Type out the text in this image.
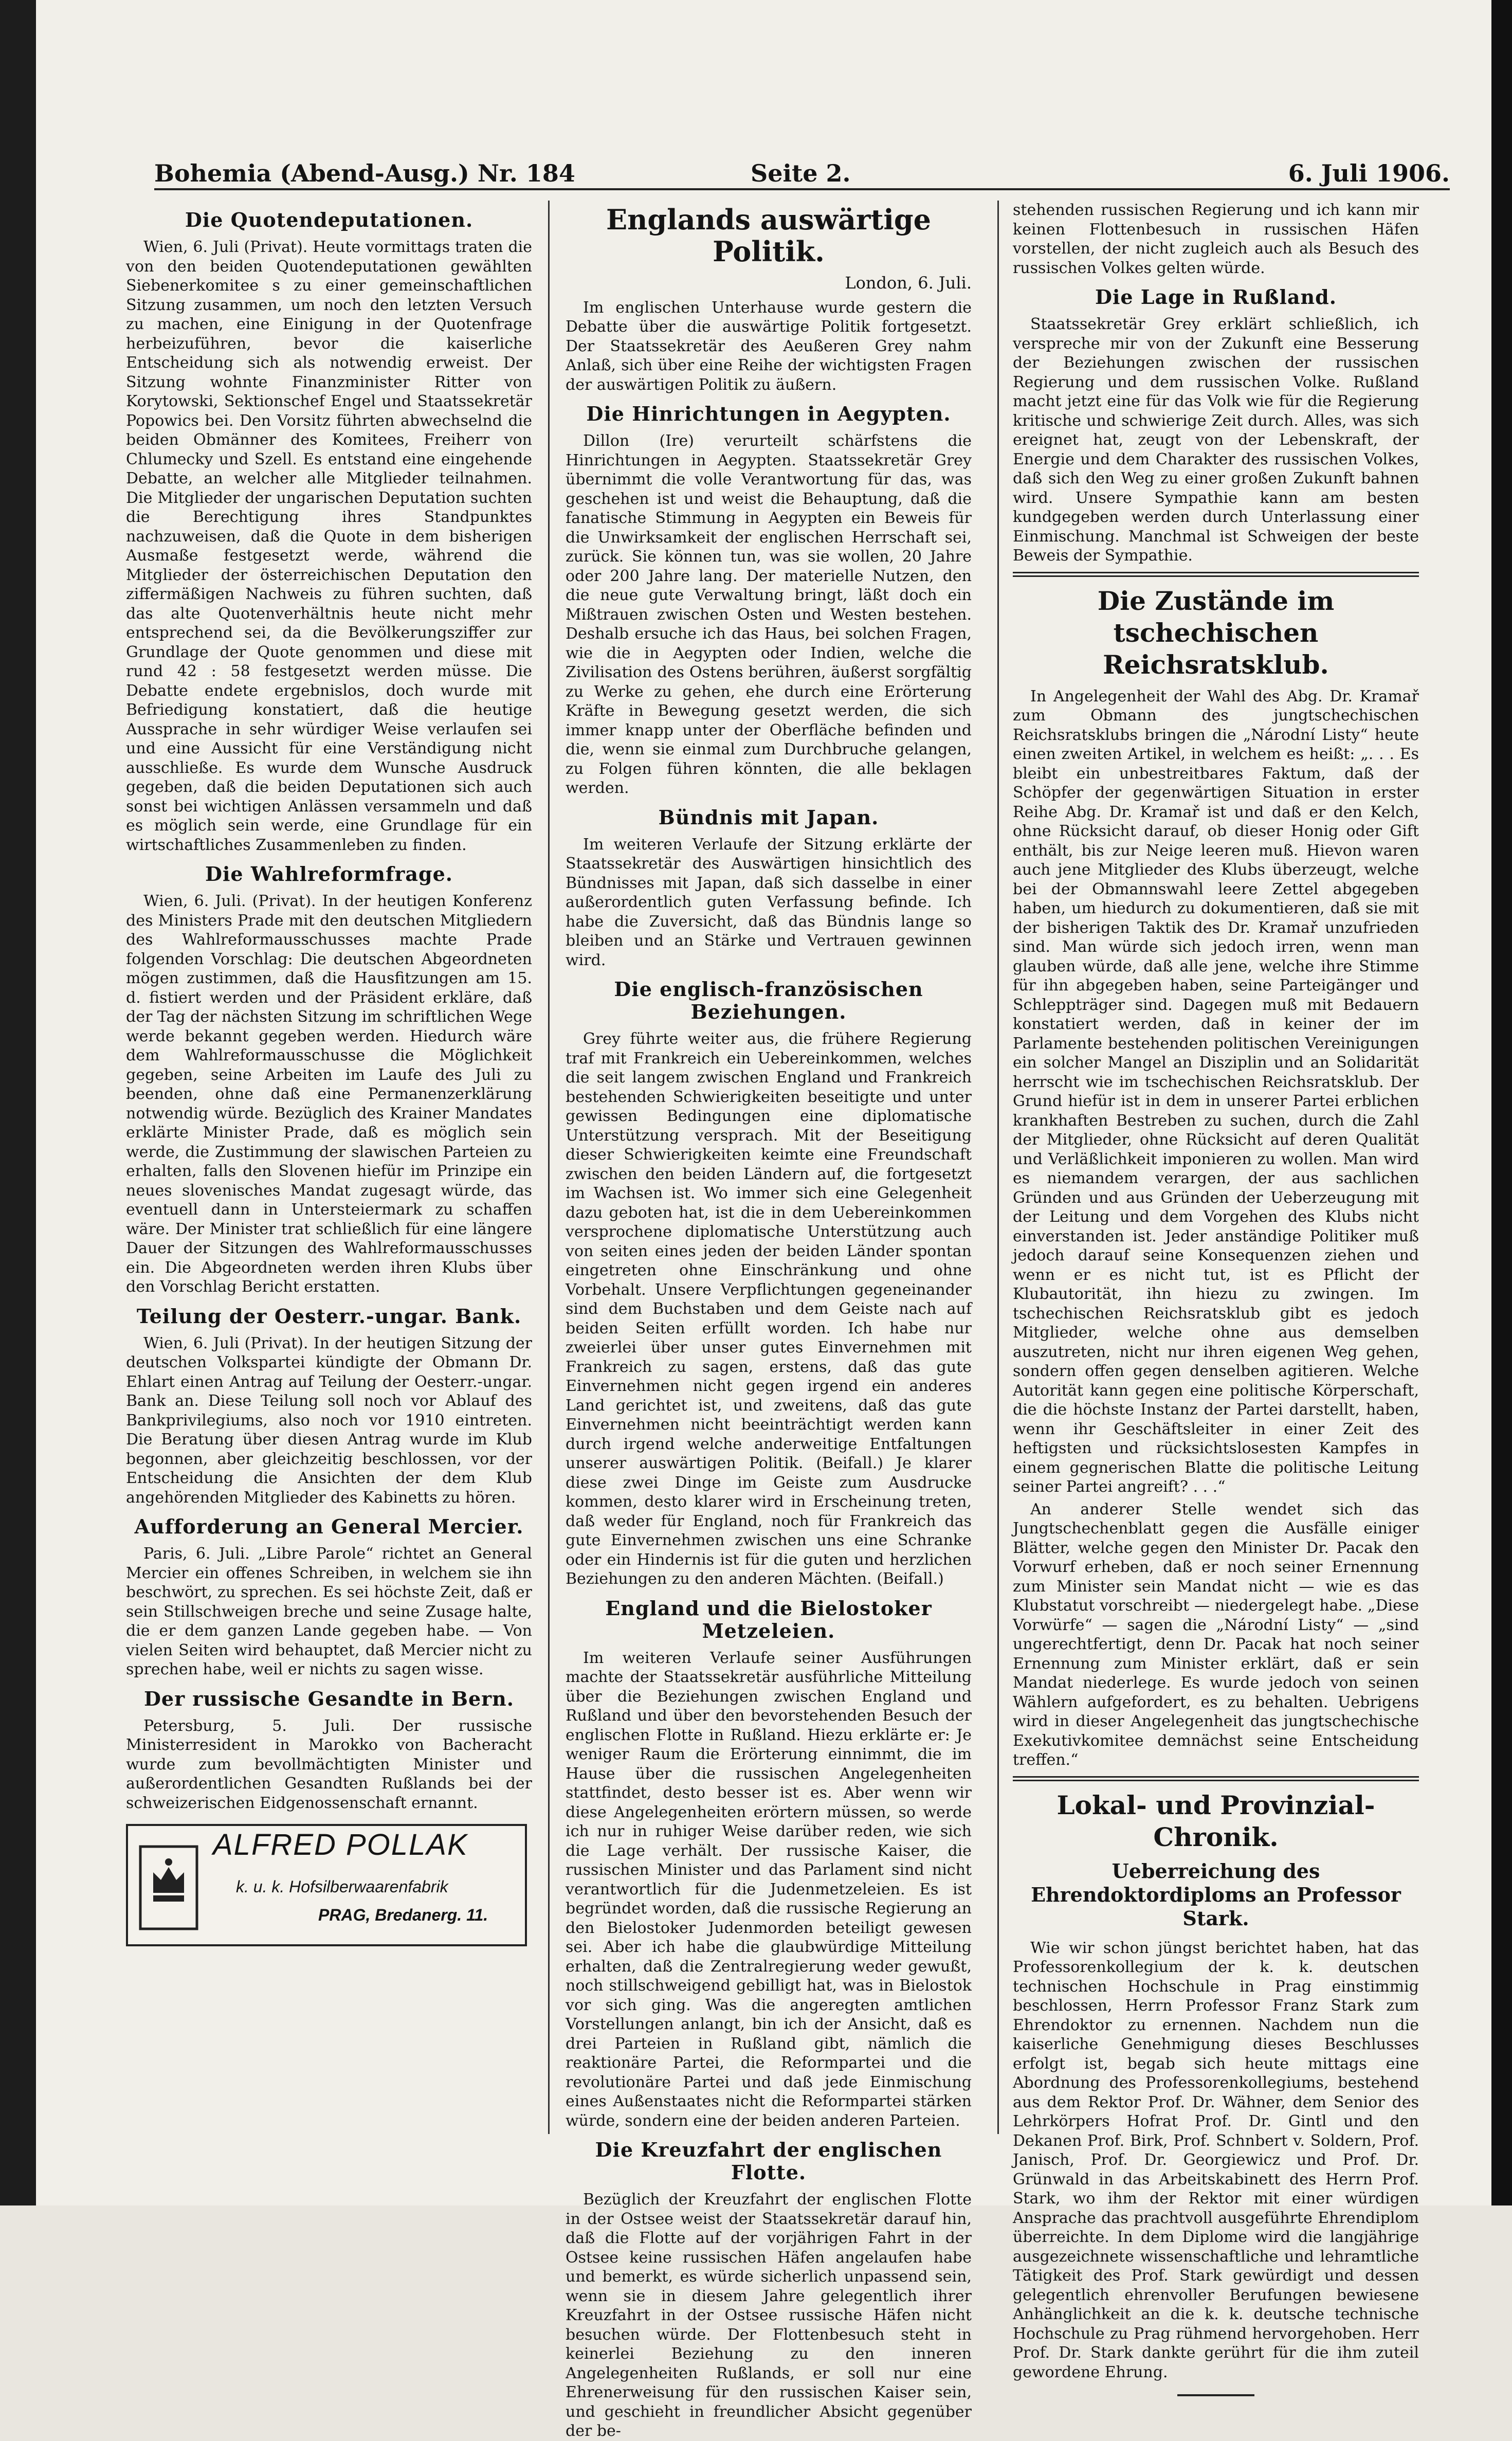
Bohemia (Abend-Ausg.) Nr. 184	Seite 2.	6. Juli 1906.
Die Quotendeputationen.

Wien, 6. Juli (Privat). Heute vormittags traten die von den beiden Quotendeputationen gewählten Siebenerkomitee s zu einer gemeinschaftlichen Sitzung zusammen, um noch den letzten Versuch zu machen, eine Einigung in der Quotenfrage herbeizuführen, bevor die kaiserliche Entscheidung sich als notwendig erweist. Der Sitzung wohnte Finanzminister Ritter von Korytowski, Sektionschef Engel und Staatssekretär Popowics bei. Den Vorsitz führten abwechselnd die beiden Obmänner des Komitees, Freiherr von Chlumecky und Szell. Es entstand eine eingehende Debatte, an welcher alle Mitglieder teilnahmen. Die Mitglieder der ungarischen Deputation suchten die Berechtigung ihres Standpunktes nachzuweisen, daß die Quote in dem bisherigen Ausmaße festgesetzt werde, während die Mitglieder der österreichischen Deputation den ziffermäßigen Nachweis zu führen suchten, daß das alte Quotenverhältnis heute nicht mehr entsprechend sei, da die Bevölkerungsziffer zur Grundlage der Quote genommen und diese mit rund 42 : 58 festgesetzt werden müsse. Die Debatte endete ergebnislos, doch wurde mit Befriedigung konstatiert, daß die heutige Aussprache in sehr würdiger Weise verlaufen sei und eine Aussicht für eine Verständigung nicht ausschließe. Es wurde dem Wunsche Ausdruck gegeben, daß die beiden Deputationen sich auch sonst bei wichtigen Anlässen versammeln und daß es möglich sein werde, eine Grundlage für ein wirtschaftliches Zusammenleben zu finden.

Die Wahlreformfrage.

Wien, 6. Juli. (Privat). In der heutigen Konferenz des Ministers Prade mit den deutschen Mitgliedern des Wahlreformausschusses machte Prade folgenden Vorschlag: Die deutschen Abgeordneten mögen zustimmen, daß die Hausfitzungen am 15. d. fistiert werden und der Präsident erkläre, daß der Tag der nächsten Sitzung im schriftlichen Wege werde bekannt gegeben werden. Hiedurch wäre dem Wahlreformausschusse die Möglichkeit gegeben, seine Arbeiten im Laufe des Juli zu beenden, ohne daß eine Permanenzerklärung notwendig würde. Bezüglich des Krainer Mandates erklärte Minister Prade, daß es möglich sein werde, die Zustimmung der slawischen Parteien zu erhalten, falls den Slovenen hiefür im Prinzipe ein neues slovenisches Mandat zugesagt würde, das eventuell dann in Untersteiermark zu schaffen wäre. Der Minister trat schließlich für eine längere Dauer der Sitzungen des Wahlreformausschusses ein. Die Abgeordneten werden ihren Klubs über den Vorschlag Bericht erstatten.

Teilung der Oesterr.-ungar. Bank.

Wien, 6. Juli (Privat). In der heutigen Sitzung der deutschen Volkspartei kündigte der Obmann Dr. Ehlart einen Antrag auf Teilung der Oesterr.-ungar. Bank an. Diese Teilung soll noch vor Ablauf des Bankprivilegiums, also noch vor 1910 eintreten. Die Beratung über diesen Antrag wurde im Klub begonnen, aber gleichzeitig beschlossen, vor der Entscheidung die Ansichten der dem Klub angehörenden Mitglieder des Kabinetts zu hören.

Aufforderung an General Mercier.

Paris, 6. Juli. „Libre Parole“ richtet an General Mercier ein offenes Schreiben, in welchem sie ihn beschwört, zu sprechen. Es sei höchste Zeit, daß er sein Stillschweigen breche und seine Zusage halte, die er dem ganzen Lande gegeben habe. — Von vielen Seiten wird behauptet, daß Mercier nicht zu sprechen habe, weil er nichts zu sagen wisse.

Der russische Gesandte in Bern.

Petersburg, 5. Juli. Der russische Ministerresident in Marokko von Bacheracht wurde zum bevollmächtigten Minister und außerordentlichen Gesandten Rußlands bei der schweizerischen Eidgenossenschaft ernannt.

ALFRED POLLAK
k. u. k. Hofsilberwaarenfabrik
PRAG, Bredanerg. 11.
Englands auswärtige Politik.
London, 6. Juli.

Im englischen Unterhause wurde gestern die Debatte über die auswärtige Politik fortgesetzt. Der Staatssekretär des Aeußeren Grey nahm Anlaß, sich über eine Reihe der wichtigsten Fragen der auswärtigen Politik zu äußern.

Die Hinrichtungen in Aegypten.

Dillon (Ire) verurteilt schärfstens die Hinrichtungen in Aegypten. Staatssekretär Grey übernimmt die volle Verantwortung für das, was geschehen ist und weist die Behauptung, daß die fanatische Stimmung in Aegypten ein Beweis für die Unwirksamkeit der englischen Herrschaft sei, zurück. Sie können tun, was sie wollen, 20 Jahre oder 200 Jahre lang. Der materielle Nutzen, den die neue gute Verwaltung bringt, läßt doch ein Mißtrauen zwischen Osten und Westen bestehen. Deshalb ersuche ich das Haus, bei solchen Fragen, wie die in Aegypten oder Indien, welche die Zivilisation des Ostens berühren, äußerst sorgfältig zu Werke zu gehen, ehe durch eine Erörterung Kräfte in Bewegung gesetzt werden, die sich immer knapp unter der Oberfläche befinden und die, wenn sie einmal zum Durchbruche gelangen, zu Folgen führen könnten, die alle beklagen werden.

Bündnis mit Japan.

Im weiteren Verlaufe der Sitzung erklärte der Staatssekretär des Auswärtigen hinsichtlich des Bündnisses mit Japan, daß sich dasselbe in einer außerordentlich guten Verfassung befinde. Ich habe die Zuversicht, daß das Bündnis lange so bleiben und an Stärke und Vertrauen gewinnen wird.

Die englisch-französischen Beziehungen.

Grey führte weiter aus, die frühere Regierung traf mit Frankreich ein Uebereinkommen, welches die seit langem zwischen England und Frankreich bestehenden Schwierigkeiten beseitigte und unter gewissen Bedingungen eine diplomatische Unterstützung versprach. Mit der Beseitigung dieser Schwierigkeiten keimte eine Freundschaft zwischen den beiden Ländern auf, die fortgesetzt im Wachsen ist. Wo immer sich eine Gelegenheit dazu geboten hat, ist die in dem Uebereinkommen versprochene diplomatische Unterstützung auch von seiten eines jeden der beiden Länder spontan eingetreten ohne Einschränkung und ohne Vorbehalt. Unsere Verpflichtungen gegeneinander sind dem Buchstaben und dem Geiste nach auf beiden Seiten erfüllt worden. Ich habe nur zweierlei über unser gutes Einvernehmen mit Frankreich zu sagen, erstens, daß das gute Einvernehmen nicht gegen irgend ein anderes Land gerichtet ist, und zweitens, daß das gute Einvernehmen nicht beeinträchtigt werden kann durch irgend welche anderweitige Entfaltungen unserer auswärtigen Politik. (Beifall.) Je klarer diese zwei Dinge im Geiste zum Ausdrucke kommen, desto klarer wird in Erscheinung treten, daß weder für England, noch für Frankreich das gute Einvernehmen zwischen uns eine Schranke oder ein Hindernis ist für die guten und herzlichen Beziehungen zu den anderen Mächten. (Beifall.)

England und die Bielostoker Metzeleien.

Im weiteren Verlaufe seiner Ausführungen machte der Staatssekretär ausführliche Mitteilung über die Beziehungen zwischen England und Rußland und über den bevorstehenden Besuch der englischen Flotte in Rußland. Hiezu erklärte er: Je weniger Raum die Erörterung einnimmt, die im Hause über die russischen Angelegenheiten stattfindet, desto besser ist es. Aber wenn wir diese Angelegenheiten erörtern müssen, so werde ich nur in ruhiger Weise darüber reden, wie sich die Lage verhält. Der russische Kaiser, die russischen Minister und das Parlament sind nicht verantwortlich für die Judenmetzeleien. Es ist begründet worden, daß die russische Regierung an den Bielostoker Judenmorden beteiligt gewesen sei. Aber ich habe die glaubwürdige Mitteilung erhalten, daß die Zentralregierung weder gewußt, noch stillschweigend gebilligt hat, was in Bielostok vor sich ging. Was die angeregten amtlichen Vorstellungen anlangt, bin ich der Ansicht, daß es drei Parteien in Rußland gibt, nämlich die reaktionäre Partei, die Reformpartei und die revolutionäre Partei und daß jede Einmischung eines Außenstaates nicht die Reformpartei stärken würde, sondern eine der beiden anderen Parteien.

Die Kreuzfahrt der englischen Flotte.

Bezüglich der Kreuzfahrt der englischen Flotte in der Ostsee weist der Staatssekretär darauf hin, daß die Flotte auf der vorjährigen Fahrt in der Ostsee keine russischen Häfen angelaufen habe und bemerkt, es würde sicherlich unpassend sein, wenn sie in diesem Jahre gelegentlich ihrer Kreuzfahrt in der Ostsee russische Häfen nicht besuchen würde. Der Flottenbesuch steht in keinerlei Beziehung zu den inneren Angelegenheiten Rußlands, er soll nur eine Ehrenerweisung für den russischen Kaiser sein, und geschieht in freundlicher Absicht gegenüber der be-

stehenden russischen Regierung und ich kann mir keinen Flottenbesuch in russischen Häfen vorstellen, der nicht zugleich auch als Besuch des russischen Volkes gelten würde.

Die Lage in Rußland.

Staatssekretär Grey erklärt schließlich, ich verspreche mir von der Zukunft eine Besserung der Beziehungen zwischen der russischen Regierung und dem russischen Volke. Rußland macht jetzt eine für das Volk wie für die Regierung kritische und schwierige Zeit durch. Alles, was sich ereignet hat, zeugt von der Lebenskraft, der Energie und dem Charakter des russischen Volkes, daß sich den Weg zu einer großen Zukunft bahnen wird. Unsere Sympathie kann am besten kundgegeben werden durch Unterlassung einer Einmischung. Manchmal ist Schweigen der beste Beweis der Sympathie.

Die Zustände im tschechischen Reichsratsklub.

In Angelegenheit der Wahl des Abg. Dr. Kramař zum Obmann des jungtschechischen Reichsratsklubs bringen die „Národní Listy“ heute einen zweiten Artikel, in welchem es heißt: „. . . Es bleibt ein unbestreitbares Faktum, daß der Schöpfer der gegenwärtigen Situation in erster Reihe Abg. Dr. Kramař ist und daß er den Kelch, ohne Rücksicht darauf, ob dieser Honig oder Gift enthält, bis zur Neige leeren muß. Hievon waren auch jene Mitglieder des Klubs überzeugt, welche bei der Obmannswahl leere Zettel abgegeben haben, um hiedurch zu dokumentieren, daß sie mit der bisherigen Taktik des Dr. Kramař unzufrieden sind. Man würde sich jedoch irren, wenn man glauben würde, daß alle jene, welche ihre Stimme für ihn abgegeben haben, seine Parteigänger und Schleppträger sind. Dagegen muß mit Bedauern konstatiert werden, daß in keiner der im Parlamente bestehenden politischen Vereinigungen ein solcher Mangel an Disziplin und an Solidarität herrscht wie im tschechischen Reichsratsklub. Der Grund hiefür ist in dem in unserer Partei erblichen krankhaften Bestreben zu suchen, durch die Zahl der Mitglieder, ohne Rücksicht auf deren Qualität und Verläßlichkeit imponieren zu wollen. Man wird es niemandem verargen, der aus sachlichen Gründen und aus Gründen der Ueberzeugung mit der Leitung und dem Vorgehen des Klubs nicht einverstanden ist. Jeder anständige Politiker muß jedoch darauf seine Konsequenzen ziehen und wenn er es nicht tut, ist es Pflicht der Klubautorität, ihn hiezu zu zwingen. Im tschechischen Reichsratsklub gibt es jedoch Mitglieder, welche ohne aus demselben auszutreten, nicht nur ihren eigenen Weg gehen, sondern offen gegen denselben agitieren. Welche Autorität kann gegen eine politische Körperschaft, die die höchste Instanz der Partei darstellt, haben, wenn ihr Geschäftsleiter in einer Zeit des heftigsten und rücksichtslosesten Kampfes in einem gegnerischen Blatte die politische Leitung seiner Partei angreift? . . .“

An anderer Stelle wendet sich das Jungtschechenblatt gegen die Ausfälle einiger Blätter, welche gegen den Minister Dr. Pacak den Vorwurf erheben, daß er noch seiner Ernennung zum Minister sein Mandat nicht — wie es das Klubstatut vorschreibt — niedergelegt habe. „Diese Vorwürfe“ — sagen die „Národní Listy“ — „sind ungerechtfertigt, denn Dr. Pacak hat noch seiner Ernennung zum Minister erklärt, daß er sein Mandat niederlege. Es wurde jedoch von seinen Wählern aufgefordert, es zu behalten. Uebrigens wird in dieser Angelegenheit das jungtschechische Exekutivkomitee demnächst seine Entscheidung treffen.“

Lokal- und Provinzial-Chronik.
Ueberreichung des Ehrendoktordiploms an Professor Stark.

Wie wir schon jüngst berichtet haben, hat das Professorenkollegium der k. k. deutschen technischen Hochschule in Prag einstimmig beschlossen, Herrn Professor Franz Stark zum Ehrendoktor zu ernennen. Nachdem nun die kaiserliche Genehmigung dieses Beschlusses erfolgt ist, begab sich heute mittags eine Abordnung des Professorenkollegiums, bestehend aus dem Rektor Prof. Dr. Wähner, dem Senior des Lehrkörpers Hofrat Prof. Dr. Gintl und den Dekanen Prof. Birk, Prof. Schnbert v. Soldern, Prof. Janisch, Prof. Dr. Georgiewicz und Prof. Dr. Grünwald in das Arbeitskabinett des Herrn Prof. Stark, wo ihm der Rektor mit einer würdigen Ansprache das prachtvoll ausgeführte Ehrendiplom überreichte. In dem Diplome wird die langjährige ausgezeichnete wissenschaftliche und lehramtliche Tätigkeit des Prof. Stark gewürdigt und dessen gelegentlich ehrenvoller Berufungen bewiesene Anhänglichkeit an die k. k. deutsche technische Hochschule zu Prag rühmend hervorgehoben. Herr Prof. Dr. Stark dankte gerührt für die ihm zuteil gewordene Ehrung.
